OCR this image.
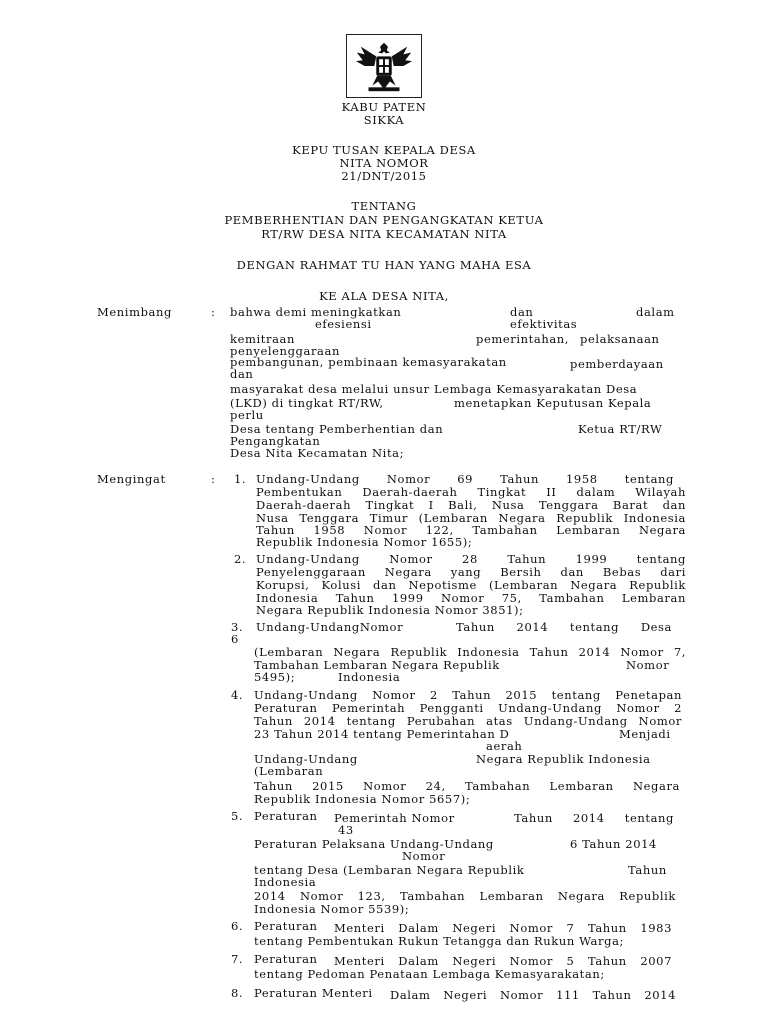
KABU PATEN
SIKKA
KEPU TUSAN KEPALA DESA
NITA NOMOR
21/DNT/2015
TENTANG
PEMBERHENTIAN DAN PENGANGKATAN KETUA
RT/RW DESA NITA KECAMATAN NITA
DENGAN RAHMAT TU HAN YANG MAHA ESA
KE ALA DESA NITA,
Menimbang	: bahwa demi meningkatkan	dan	dalam
efesiensi	efektivitas
kemitraan	pemerintahan, pelaksanaan
penyelenggaraan
pembangunan, pembinaan kemasyarakatan	pemberdayaan
dan
masyarakat desa melalui unsur Lembaga Kemasyarakatan Desa
(LKD) di tingkat RT/RW,	menetapkan Keputusan Kepala
perlu
Desa tentang Pemberhentian dan	Ketua RT/RW
Pengangkatan
Desa Nita Kecamatan Nita;
Mengingat	: 1. Undang-Undang Nomor 69 Tahun 1958 tentang
Pembentukan Daerah-daerah Tingkat II dalam Wilayah
Daerah-daerah Tingkat I Bali, Nusa Tenggara Barat dan
Nusa Tenggara Timur (Lembaran Negara Republik Indonesia
Tahun 1958 Nomor 122, Tambahan Lembaran Negara
Republik Indonesia Nomor 1655);
2. Undang-Undang Nomor 28 Tahun 1999 tentang
Penyelenggaraan Negara yang Bersih dan Bebas dari
Korupsi, Kolusi dan Nepotisme (Lembaran Negara Republik
Indonesia Tahun 1999 Nomor 75, Tambahan Lembaran
Negara Republik Indonesia Nomor 3851);
3. Undang-UndangNomor	Tahun 2014 tentang Desa
6
(Lembaran Negara Republik Indonesia Tahun 2014 Nomor 7,
Tambahan Lembaran Negara Republik	Nomor
5495);	Indonesia
4. Undang-Undang Nomor 2 Tahun 2015 tentang Penetapan
Peraturan Pemerintah Pengganti Undang-Undang Nomor 2
Tahun 2014 tentang Perubahan atas Undang-Undang Nomor
23 Tahun 2014 tentang Pemerintahan D	Menjadi
aerah
Undang-Undang	Negara Republik Indonesia
(Lembaran
Tahun 2015 Nomor 24, Tambahan Lembaran Negara
Republik Indonesia Nomor 5657);
5. Peraturan Pemerintah Nomor	Tahun 2014 tentang
43
Peraturan Pelaksana Undang-Undang	6 Tahun 2014
Nomor
tentang Desa (Lembaran Negara Republik	Tahun
Indonesia
2014 Nomor 123, Tambahan Lembaran Negara Republik
Indonesia Nomor 5539);
6. Peraturan Menteri Dalam Negeri Nomor 7 Tahun 1983
tentang Pembentukan Rukun Tetangga dan Rukun Warga;
7. Peraturan Menteri Dalam Negeri Nomor 5 Tahun 2007
tentang Pedoman Penataan Lembaga Kemasyarakatan;
8. Peraturan Menteri Dalam Negeri Nomor 111 Tahun 2014
